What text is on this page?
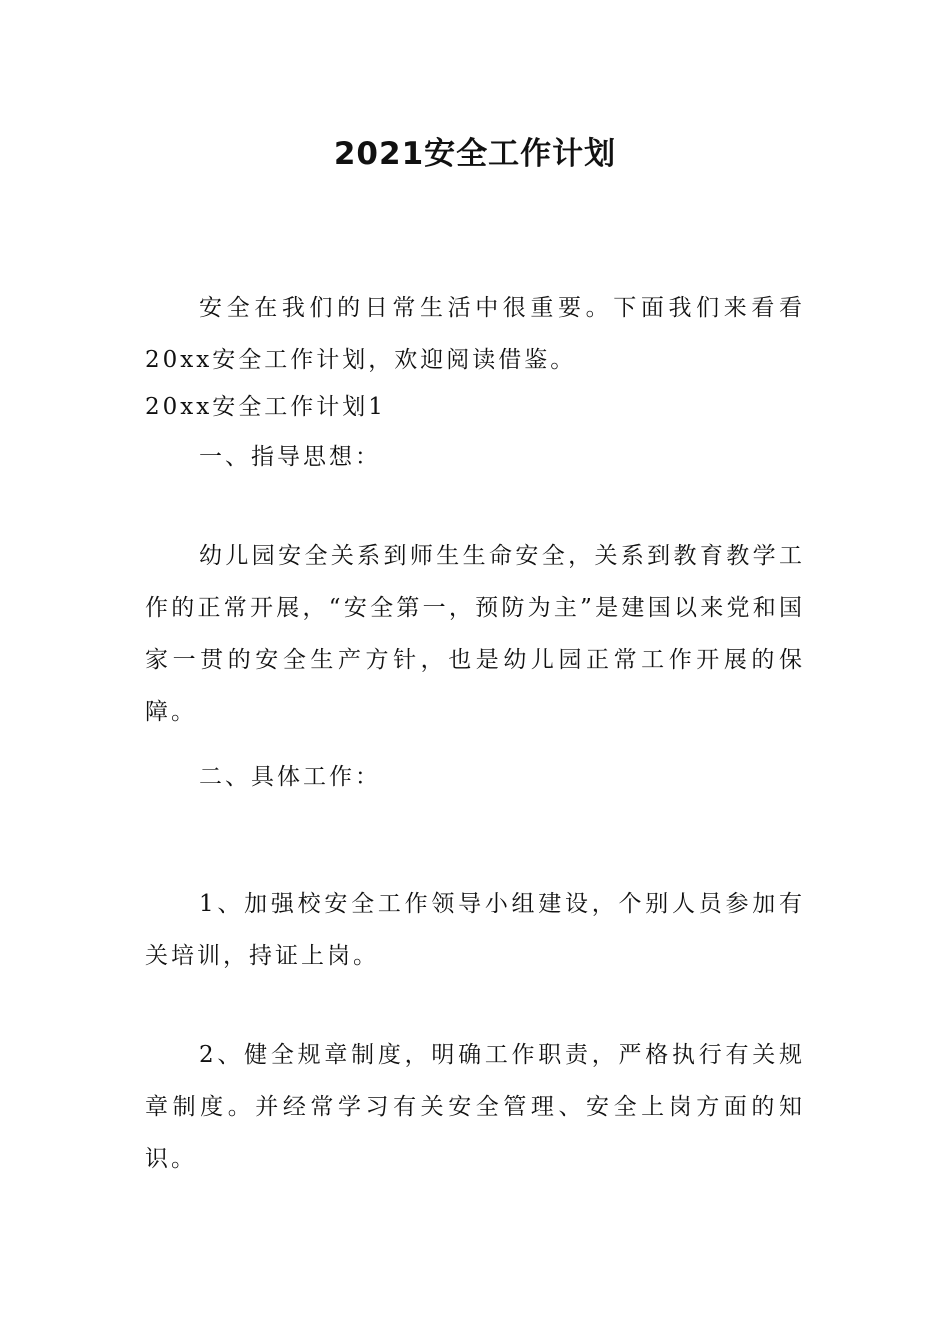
2021安全工作计划

安全在我们的日常生活中很重要。下面我们来看看20xx安全工作计划，欢迎阅读借鉴。

20xx安全工作计划1

一、指导思想：

幼儿园安全关系到师生生命安全，关系到教育教学工作的正常开展，“安全第一，预防为主”是建国以来党和国家一贯的安全生产方针，也是幼儿园正常工作开展的保障。

二、具体工作：

1、加强校安全工作领导小组建设，个别人员参加有关培训，持证上岗。

2、健全规章制度，明确工作职责，严格执行有关规章制度。并经常学习有关安全管理、安全上岗方面的知识。
